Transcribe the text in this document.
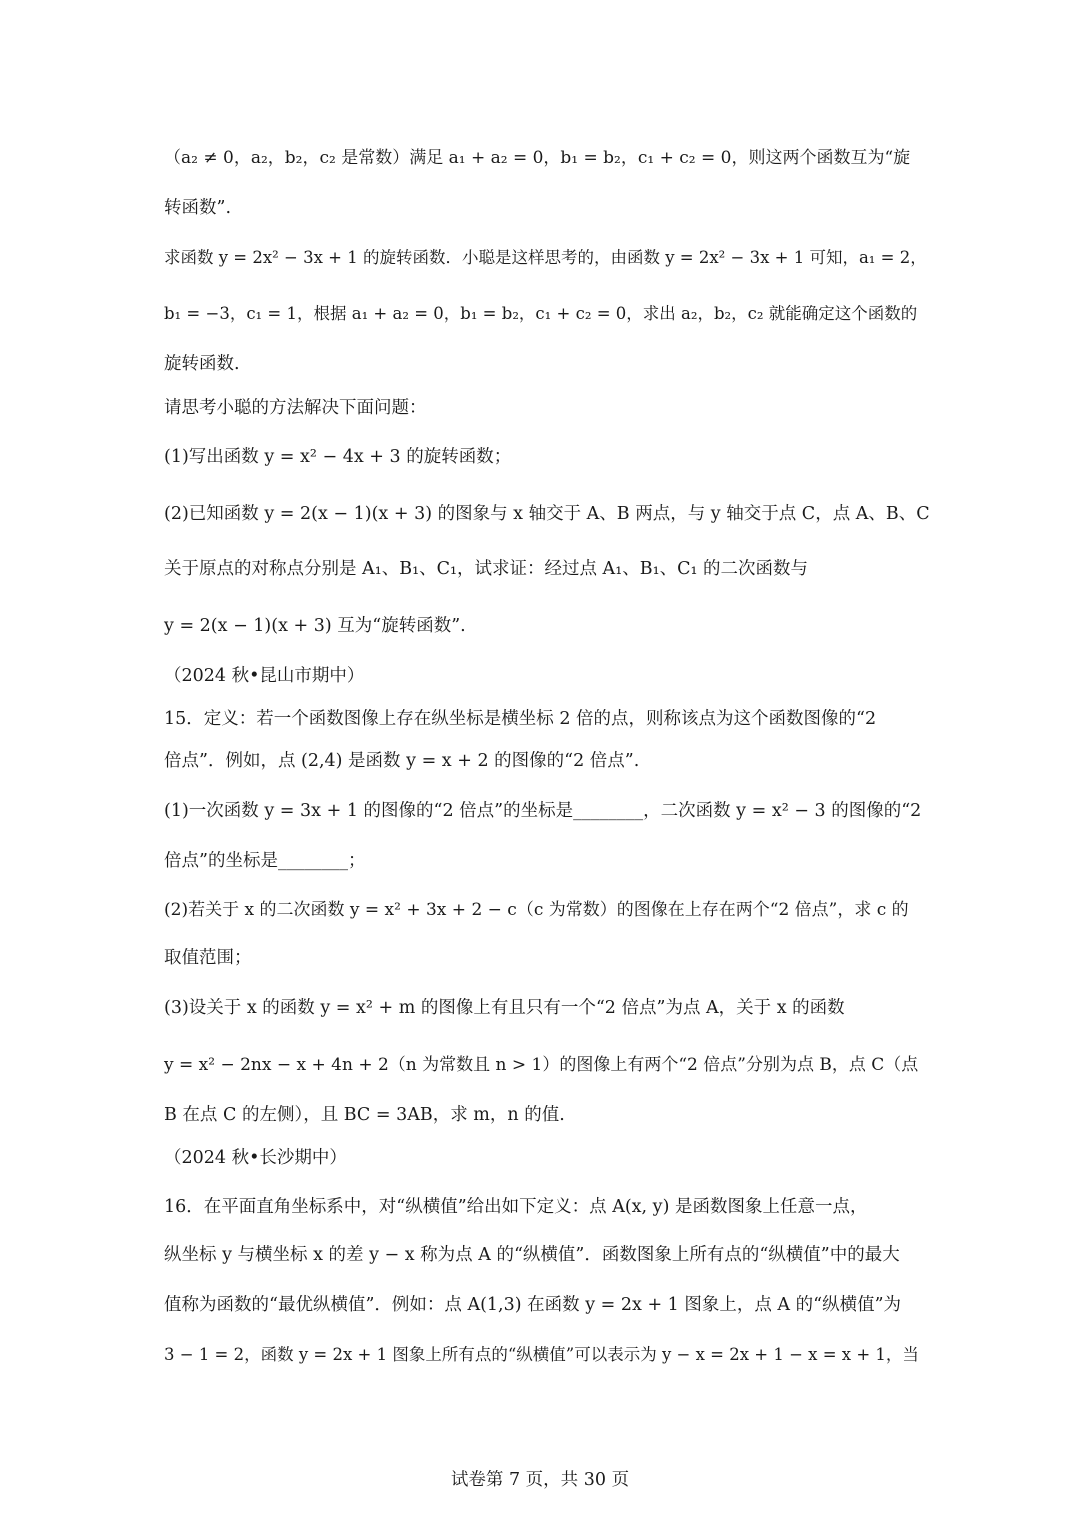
（a₂ ≠ 0，a₂，b₂，c₂ 是常数）满足 a₁ + a₂ = 0，b₁ = b₂，c₁ + c₂ = 0，则这两个函数互为“旋
转函数”.
求函数 y = 2x² − 3x + 1 的旋转函数．小聪是这样思考的，由函数 y = 2x² − 3x + 1 可知，a₁ = 2，
b₁ = −3，c₁ = 1，根据 a₁ + a₂ = 0，b₁ = b₂，c₁ + c₂ = 0，求出 a₂，b₂，c₂ 就能确定这个函数的
旋转函数.
请思考小聪的方法解决下面问题：
(1)写出函数 y = x² − 4x + 3 的旋转函数；
(2)已知函数 y = 2(x − 1)(x + 3) 的图象与 x 轴交于 A、B 两点，与 y 轴交于点 C，点 A、B、C
关于原点的对称点分别是 A₁、B₁、C₁，试求证：经过点 A₁、B₁、C₁ 的二次函数与
y = 2(x − 1)(x + 3) 互为“旋转函数”.
（2024 秋•昆山市期中）
15．定义：若一个函数图像上存在纵坐标是横坐标 2 倍的点，则称该点为这个函数图像的“2
倍点”．例如，点 (2,4) 是函数 y = x + 2 的图像的“2 倍点”.
(1)一次函数 y = 3x + 1 的图像的“2 倍点”的坐标是________，二次函数 y = x² − 3 的图像的“2
倍点”的坐标是________；
(2)若关于 x 的二次函数 y = x² + 3x + 2 − c（c 为常数）的图像在上存在两个“2 倍点”，求 c 的
取值范围；
(3)设关于 x 的函数 y = x² + m 的图像上有且只有一个“2 倍点”为点 A，关于 x 的函数
y = x² − 2nx − x + 4n + 2（n 为常数且 n > 1）的图像上有两个“2 倍点”分别为点 B，点 C（点
B 在点 C 的左侧），且 BC = 3AB，求 m，n 的值.
（2024 秋•长沙期中）
16．在平面直角坐标系中，对“纵横值”给出如下定义：点 A(x, y) 是函数图象上任意一点，
纵坐标 y 与横坐标 x 的差 y − x 称为点 A 的“纵横值”．函数图象上所有点的“纵横值”中的最大
值称为函数的“最优纵横值”．例如：点 A(1,3) 在函数 y = 2x + 1 图象上，点 A 的“纵横值”为
3 − 1 = 2，函数 y = 2x + 1 图象上所有点的“纵横值”可以表示为 y − x = 2x + 1 − x = x + 1，当
试卷第 7 页，共 30 页
